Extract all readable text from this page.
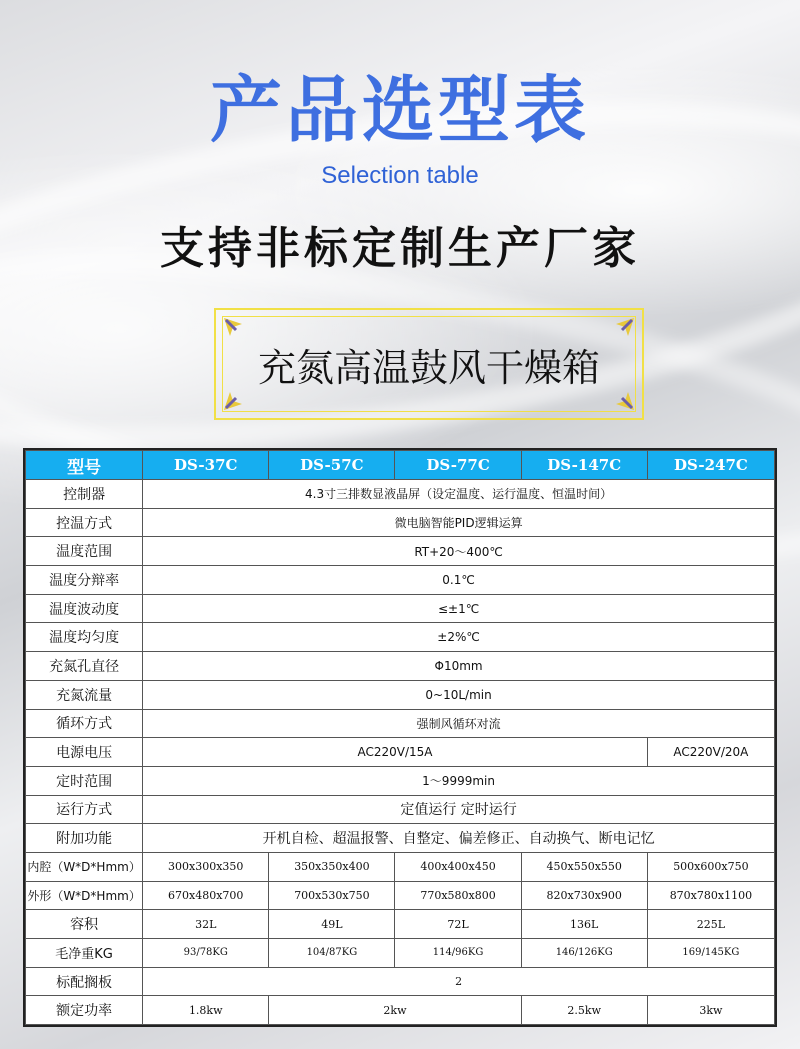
产品选型表
Selection table
支持非标定制生产厂家
充氮高温鼓风干燥箱
型号	DS-37C	DS-57C	DS-77C	DS-147C	DS-247C
控制器	4.3寸三排数显液晶屏（设定温度、运行温度、恒温时间）				
控温方式	微电脑智能PID逻辑运算				
温度范围	RT+20～400℃				
温度分辩率	0.1℃				
温度波动度	≤±1℃				
温度均匀度	±2%℃				
充氮孔直径	Φ10mm				
充氮流量	0~10L/min				
循环方式	强制风循环对流				
电源电压	AC220V/15A				AC220V/20A
定时范围	1～9999min				
运行方式	定值运行 定时运行				
附加功能	开机自检、超温报警、自整定、偏差修正、自动换气、断电记忆				
内腔（W*D*Hmm）	300x300x350	350x350x400	400x400x450	450x550x550	500x600x750
外形（W*D*Hmm）	670x480x700	700x530x750	770x580x800	820x730x900	870x780x1100
容积	32L	49L	72L	136L	225L
毛净重KG	93/78KG	104/87KG	114/96KG	146/126KG	169/145KG
标配搁板	2				
额定功率	1.8kw	2kw		2.5kw	3kw
